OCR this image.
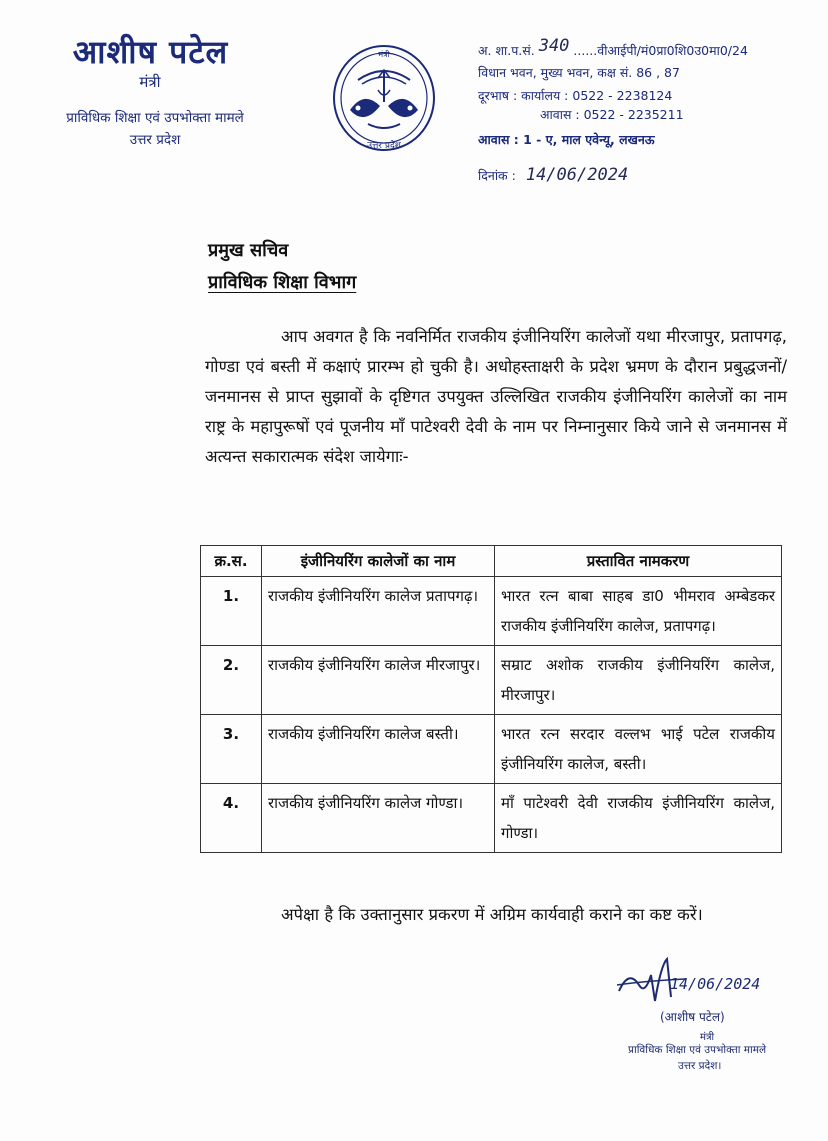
आशीष पटेल
मंत्री
प्राविधिक शिक्षा एवं उपभोक्ता मामले
उत्तर प्रदेश
मंत्री
उत्तर प्रदेश
अ. शा.प.सं. 340 ......वीआईपी/मं0प्रा0शि0उ0मा0/24
विधान भवन, मुख्य भवन, कक्ष सं. 86 , 87
दूरभाष : कार्यालय : 0522 - 2238124
आवास : 0522 - 2235211
आवास : 1 - ए, माल एवेन्यू, लखनऊ
दिनांक : 14/06/2024
प्रमुख सचिव
प्राविधिक शिक्षा विभाग
आप अवगत है कि नवनिर्मित राजकीय इंजीनियरिंग कालेजों यथा मीरजापुर, प्रतापगढ़, गोण्डा एवं बस्ती में कक्षाएं प्रारम्भ हो चुकी है। अधोहस्ताक्षरी के प्रदेश भ्रमण के दौरान प्रबुद्धजनों/जनमानस से प्राप्त सुझावों के दृष्टिगत उपयुक्त उल्लिखित राजकीय इंजीनियरिंग कालेजों का नाम राष्ट्र के महापुरूषों एवं पूजनीय माँ पाटेश्वरी देवी के नाम पर निम्नानुसार किये जाने से जनमानस में अत्यन्त सकारात्मक संदेश जायेगाः-
क्र.स.	इंजीनियरिंग कालेजों का नाम	प्रस्तावित नामकरण
1.	राजकीय इंजीनियरिंग कालेज प्रतापगढ़।	भारत रत्न बाबा साहब डा0 भीमराव अम्बेडकर राजकीय इंजीनियरिंग कालेज, प्रतापगढ़।
2.	राजकीय इंजीनियरिंग कालेज मीरजापुर।	सम्राट अशोक राजकीय इंजीनियरिंग कालेज, मीरजापुर।
3.	राजकीय इंजीनियरिंग कालेज बस्ती।	भारत रत्न सरदार वल्लभ भाई पटेल राजकीय इंजीनियरिंग कालेज, बस्ती।
4.	राजकीय इंजीनियरिंग कालेज गोण्डा।	माँ पाटेश्वरी देवी राजकीय इंजीनियरिंग कालेज, गोण्डा।
अपेक्षा है कि उक्तानुसार प्रकरण में अग्रिम कार्यवाही कराने का कष्ट करें।
14/06/2024
(आशीष पटेल)
मंत्री
प्राविधिक शिक्षा एवं उपभोक्ता मामले
उत्तर प्रदेश।
